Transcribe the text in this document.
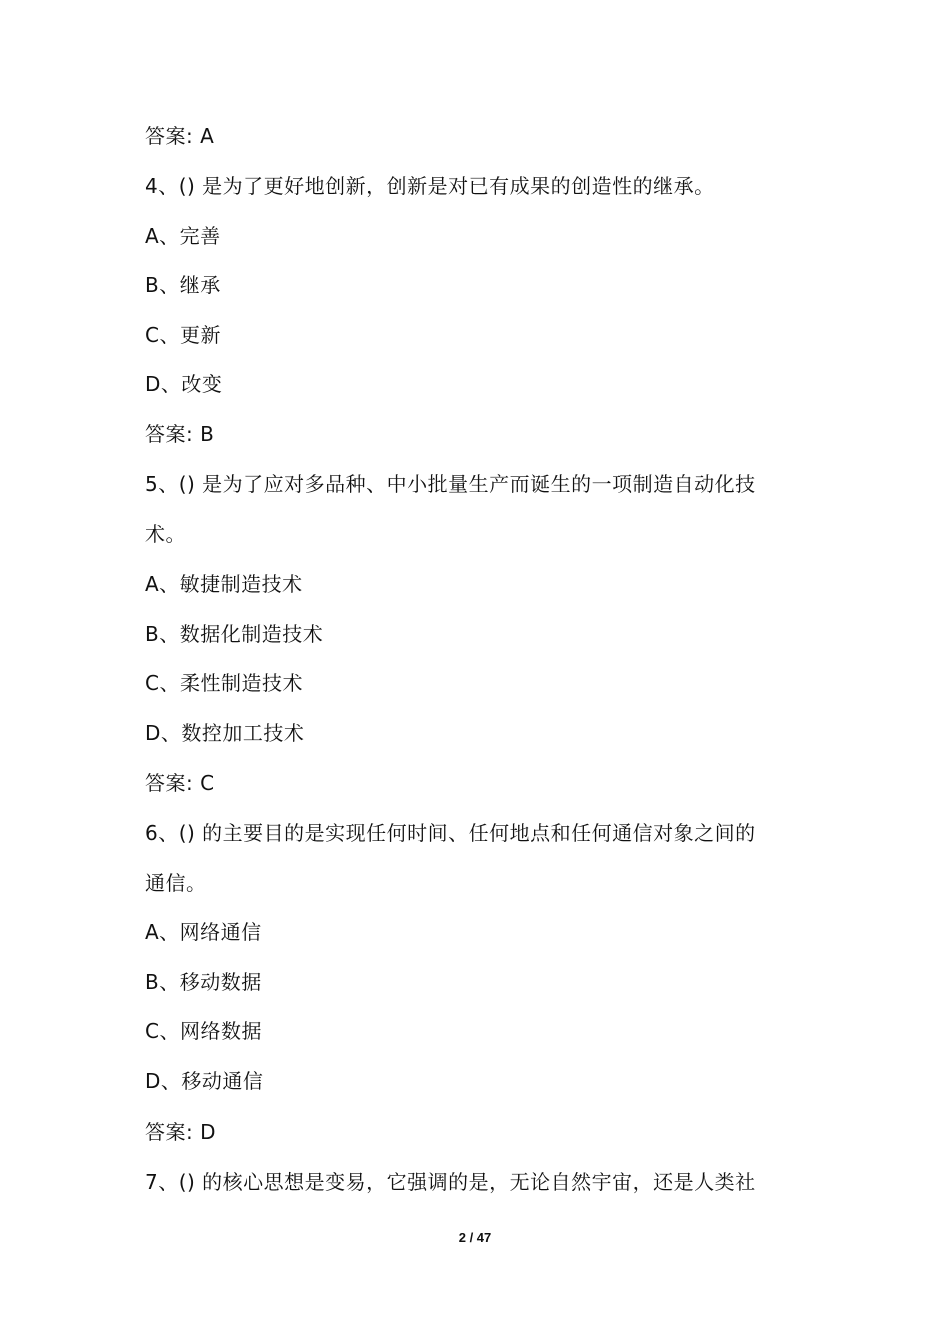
答案: A
4、() 是为了更好地创新，创新是对已有成果的创造性的继承。
A、完善
B、继承
C、更新
D、改变
答案: B
5、() 是为了应对多品种、中小批量生产而诞生的一项制造自动化技
术。
A、敏捷制造技术
B、数据化制造技术
C、柔性制造技术
D、数控加工技术
答案: C
6、() 的主要目的是实现任何时间、任何地点和任何通信对象之间的
通信。
A、网络通信
B、移动数据
C、网络数据
D、移动通信
答案: D
7、() 的核心思想是变易，它强调的是，无论自然宇宙，还是人类社
2 / 47
